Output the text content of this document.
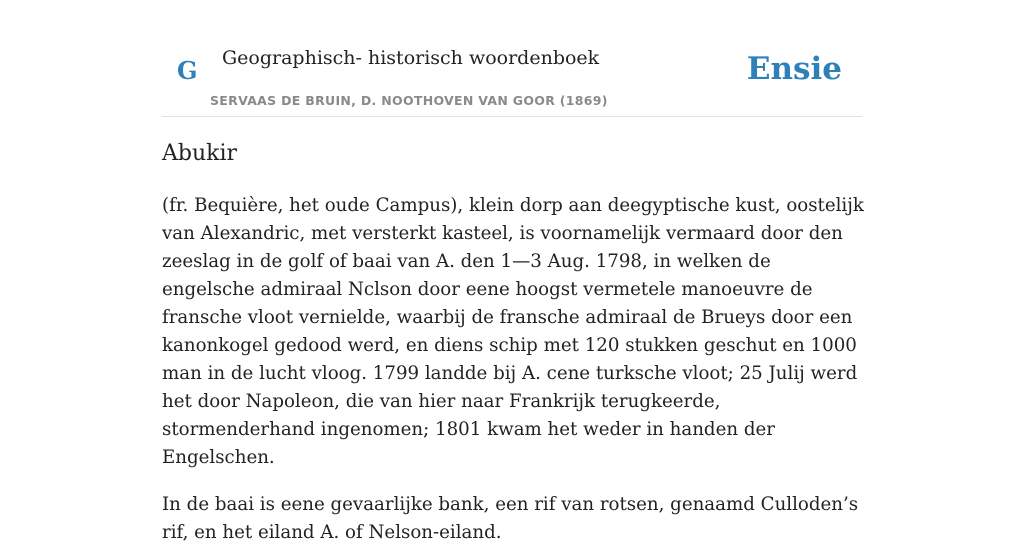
G Geographisch- historisch woordenboek
SERVAAS DE BRUIN, D. NOOTHOVEN VAN GOOR (1869)
Ensie
Abukir

(fr. Bequière, het oude Campus), klein dorp aan deegyptische kust, oostelijk van Alexandric, met versterkt kasteel, is voornamelijk vermaard door den zeeslag in de golf of baai van A. den 1—3 Aug. 1798, in welken de engelsche admiraal Nclson door eene hoogst vermetele manoeuvre de fransche vloot vernielde, waarbij de fransche admiraal de Brueys door een kanonkogel gedood werd, en diens schip met 120 stukken geschut en 1000 man in de lucht vloog. 1799 landde bij A. cene turksche vloot; 25 Julij werd het door Napoleon, die van hier naar Frankrijk terugkeerde, stormenderhand ingenomen; 1801 kwam het weder in handen der Engelschen.

In de baai is eene gevaarlijke bank, een rif van rotsen, genaamd Culloden’s rif, en het eiland A. of Nelson-eiland.
